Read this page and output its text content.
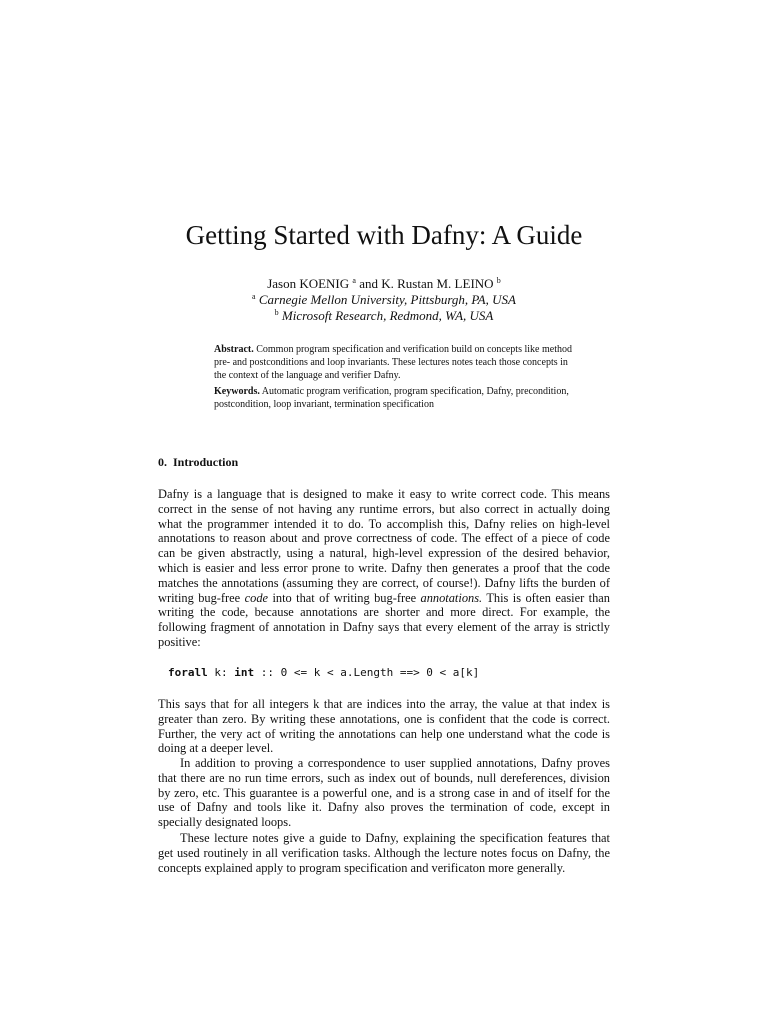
Getting Started with Dafny: A Guide
Jason KOENIG $^a$ and K. Rustan M. LEINO $^b$
$^a$ Carnegie Mellon University, Pittsburgh, PA, USA
$^b$ Microsoft Research, Redmond, WA, USA
Abstract. Common program specification and verification build on concepts like method pre- and postconditions and loop invariants. These lectures notes teach those concepts in the context of the language and verifier Dafny.
Keywords. Automatic program verification, program specification, Dafny, precondition, postcondition, loop invariant, termination specification
0. Introduction

Dafny is a language that is designed to make it easy to write correct code. This means correct in the sense of not having any runtime errors, but also correct in actually doing what the programmer intended it to do. To accomplish this, Dafny relies on high-level annotations to reason about and prove correctness of code. The effect of a piece of code can be given abstractly, using a natural, high-level expression of the desired behavior, which is easier and less error prone to write. Dafny then generates a proof that the code matches the annotations (assuming they are correct, of course!). Dafny lifts the burden of writing bug-free code into that of writing bug-free annotations. This is often easier than writing the code, because annotations are shorter and more direct. For example, the following fragment of annotation in Dafny says that every element of the array is strictly positive:

forall k: int :: 0 <= k < a.Length ==> 0 < a[k]

This says that for all integers k that are indices into the array, the value at that index is greater than zero. By writing these annotations, one is confident that the code is correct. Further, the very act of writing the annotations can help one understand what the code is doing at a deeper level.

In addition to proving a correspondence to user supplied annotations, Dafny proves that there are no run time errors, such as index out of bounds, null dereferences, division by zero, etc. This guarantee is a powerful one, and is a strong case in and of itself for the use of Dafny and tools like it. Dafny also proves the termination of code, except in specially designated loops.

These lecture notes give a guide to Dafny, explaining the specification features that get used routinely in all verification tasks. Although the lecture notes focus on Dafny, the concepts explained apply to program specification and verificaton more generally.
